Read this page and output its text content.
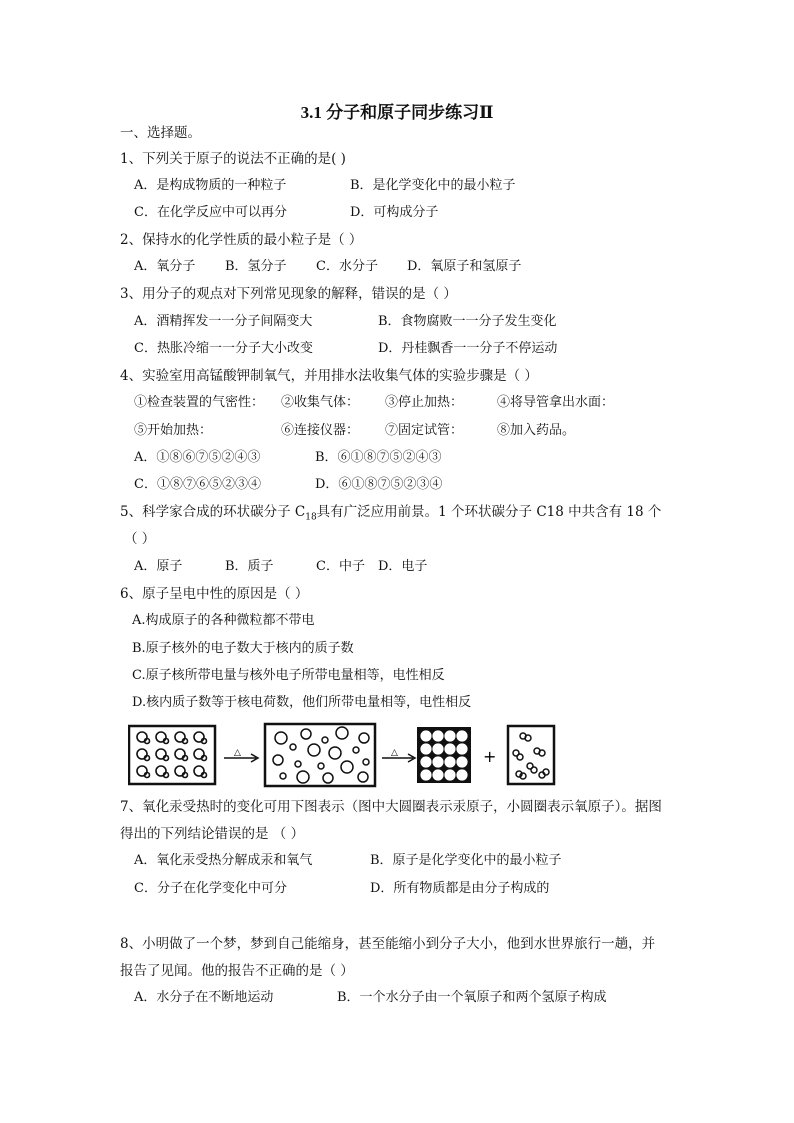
3.1 分子和原子同步练习Ⅱ
一、选择题。
1、下列关于原子的说法不正确的是( )
A．是构成物质的一种粒子	B．是化学变化中的最小粒子
C．在化学反应中可以再分	D．可构成分子
2、保持水的化学性质的最小粒子是（ ）
A．氧分子 B．氢分子 C．水分子 D．氧原子和氢原子
3、用分子的观点对下列常见现象的解释，错误的是（ ）
A．酒精挥发一一分子间隔变大	B．食物腐败一一分子发生变化
C．热胀冷缩一一分子大小改变	D．丹桂飘香一一分子不停运动
4、实验室用高锰酸钾制氧气，并用排水法收集气体的实验步骤是（ ）
①检查装置的气密性： ②收集气体： ③停止加热：	④将导管拿出水面：
⑤开始加热：	⑥连接仪器： ⑦固定试管：	⑧加入药品。
A．①⑧⑥⑦⑤②④③	B．⑥①⑧⑦⑤②④③
C．①⑧⑦⑥⑤②③④	D．⑥①⑧⑦⑤②③④
5、科学家合成的环状碳分子 $C_{18}$具有广泛应用前景。1 个环状碳分子 C18 中共含有 18 个
（ ）
A．原子	B．质子	C．中子 D．电子
6、原子呈电中性的原因是（ ）
A.构成原子的各种微粒都不带电
B.原子核外的电子数大于核内的质子数
C.原子核所带电量与核外电子所带电量相等，电性相反
D.核内质子数等于核电荷数，他们所带电量相等，电性相反
△	△	+
7、氧化汞受热时的变化可用下图表示（图中大圆圈表示汞原子，小圆圈表示氧原子）。据图
得出的下列结论错误的是 （ ）
A．氧化汞受热分解成汞和氧气	B．原子是化学变化中的最小粒子
C．分子在化学变化中可分	D．所有物质都是由分子构成的
8、小明做了一个梦，梦到自己能缩身，甚至能缩小到分子大小，他到水世界旅行一趟，并
报告了见闻。他的报告不正确的是（ ）
A．水分子在不断地运动	B．一个水分子由一个氧原子和两个氢原子构成
